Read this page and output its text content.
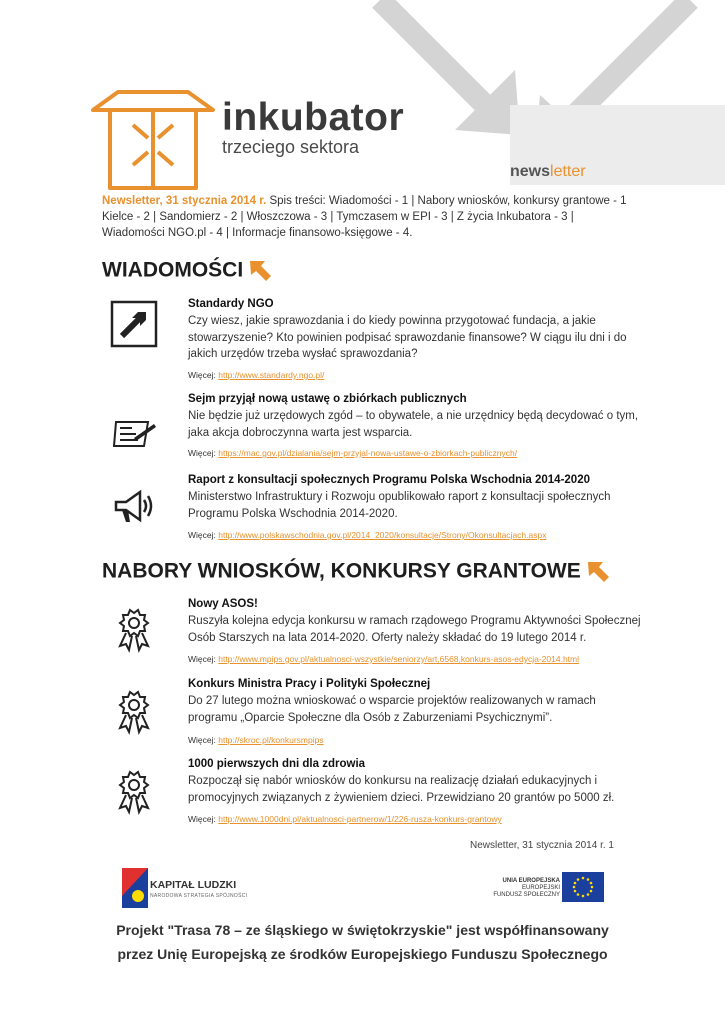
inkubator
trzeciego sektora
newsletter
Newsletter, 31 stycznia 2014 r. Spis treści: Wiadomości - 1 | Nabory wniosków, konkursy grantowe - 1 Kielce - 2 | Sandomierz - 2 | Włoszczowa - 3 | Tymczasem w EPI - 3 | Z życia Inkubatora - 3 | Wiadomości NGO.pl - 4 | Informacje finansowo-księgowe - 4.
WIADOMOŚCI
Standardy NGO
Czy wiesz, jakie sprawozdania i do kiedy powinna przygotować fundacja, a jakie stowarzyszenie? Kto powinien podpisać sprawozdanie finansowe? W ciągu ilu dni i do jakich urzędów trzeba wysłać sprawozdania?
Więcej: http://www.standardy.ngo.pl/
Sejm przyjął nową ustawę o zbiórkach publicznych
Nie będzie już urzędowych zgód – to obywatele, a nie urzędnicy będą decydować o tym, jaka akcja dobroczynna warta jest wsparcia.
Więcej: https://mac.gov.pl/dzialania/sejm-przyjal-nowa-ustawe-o-zbiorkach-publicznych/
Raport z konsultacji społecznych Programu Polska Wschodnia 2014-2020
Ministerstwo Infrastruktury i Rozwoju opublikowało raport z konsultacji społecznych Programu Polska Wschodnia 2014-2020.
Więcej: http://www.polskawschodnia.gov.pl/2014_2020/konsultacje/Strony/Okonsultacjach.aspx
NABORY WNIOSKÓW, KONKURSY GRANTOWE
Nowy ASOS!
Ruszyła kolejna edycja konkursu w ramach rządowego Programu Aktywności Społecznej Osób Starszych na lata 2014-2020. Oferty należy składać do 19 lutego 2014 r.
Więcej: http://www.mpips.gov.pl/aktualnosci-wszystkie/seniorzy/art,6568,konkurs-asos-edycja-2014.html
Konkurs Ministra Pracy i Polityki Społecznej
Do 27 lutego można wnioskować o wsparcie projektów realizowanych w ramach programu „Oparcie Społeczne dla Osób z Zaburzeniami Psychicznymi”.
Więcej: http://skroc.pl/konkursmpips
1000 pierwszych dni dla zdrowia
Rozpoczął się nabór wniosków do konkursu na realizację działań edukacyjnych i promocyjnych związanych z żywieniem dzieci. Przewidziano 20 grantów po 5000 zł.
Więcej: http://www.1000dni.pl/aktualnosci-partnerow/1/226-ruszа-konkurs-grantowy
Newsletter, 31 stycznia 2014 r. 1
KAPITAŁ LUDZKI
NARODOWA STRATEGIA SPÓJNOŚCI
UNIA EUROPEJSKA
EUROPEJSKI
FUNDUSZ SPOŁECZNY
Projekt "Trasa 78 – ze śląskiego w świętokrzyskie" jest współfinansowany
przez Unię Europejską ze środków Europejskiego Funduszu Społecznego
